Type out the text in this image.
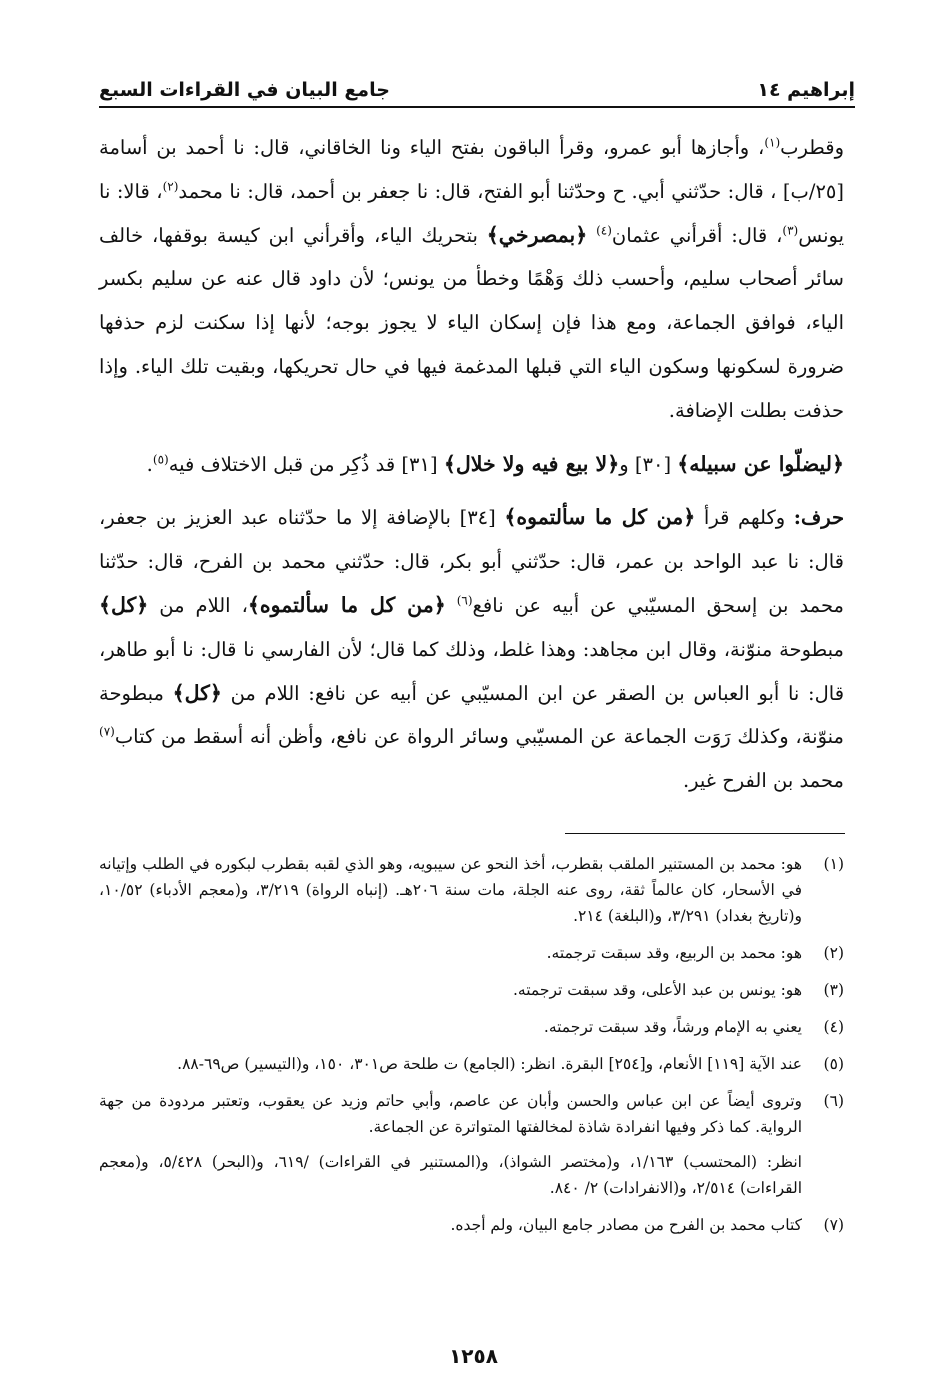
إبراهيم ١٤
جامع البيان في القراءات السبع

وقطرب$^{(١)}$، وأجازها أبو عمرو، وقرأ الباقون بفتح الياء ونا الخاقاني، قال: نا أحمد بن أسامة [٢٥/ب] ، قال: حدّثني أبي. ح وحدّثنا أبو الفتح، قال: نا جعفر بن أحمد، قال: نا محمد$^{(٢)}$، قالا: نا يونس$^{(٣)}$، قال: أقرأني عثمان$^{(٤)}$ ﴿بمصرخي﴾ بتحريك الياء، وأقرأني ابن كيسة بوقفها، خالف سائر أصحاب سليم، وأحسب ذلك وَهْمًا وخطأ من يونس؛ لأن داود قال عنه عن سليم بكسر الياء، فوافق الجماعة، ومع هذا فإن إسكان الياء لا يجوز بوجه؛ لأنها إذا سكنت لزم حذفها ضرورة لسكونها وسكون الياء التي قبلها المدغمة فيها في حال تحريكها، وبقيت تلك الياء. وإذا حذفت بطلت الإضافة.

﴿ليضلّوا عن سبيله﴾ [٣٠] و﴿لا بيع فيه ولا خلال﴾ [٣١] قد ذُكِر من قبل الاختلاف فيه$^{(٥)}$.

حرف: وكلهم قرأ ﴿من كل ما سألتموه﴾ [٣٤] بالإضافة إلا ما حدّثناه عبد العزيز بن جعفر، قال: نا عبد الواحد بن عمر، قال: حدّثني أبو بكر، قال: حدّثني محمد بن الفرح، قال: حدّثنا محمد بن إسحق المسيّبي عن أبيه عن نافع$^{(٦)}$ ﴿من كل ما سألتموه﴾، اللام من ﴿كل﴾ مبطوحة منوّنة، وقال ابن مجاهد: وهذا غلط، وذلك كما قال؛ لأن الفارسي نا قال: نا أبو طاهر، قال: نا أبو العباس بن الصقر عن ابن المسيّبي عن أبيه عن نافع: اللام من ﴿كل﴾ مبطوحة منوّنة، وكذلك رَوَت الجماعة عن المسيّبي وسائر الرواة عن نافع، وأظن أنه أسقط من كتاب$^{(٧)}$ محمد بن الفرح غير.

(١)
هو: محمد بن المستنير الملقب بقطرب، أخذ النحو عن سيبويه، وهو الذي لقبه بقطرب لبكوره في الطلب وإتيانه في الأسحار، كان عالماً ثقة، روى عنه الجلة، مات سنة ٢٠٦هـ. (إنباه الرواة) ٣/٢١٩، و(معجم الأدباء) ١٠/٥٢، و(تاريخ بغداد) ٣/٢٩١، و(البلغة) ٢١٤.
(٢)
هو: محمد بن الربيع، وقد سبقت ترجمته.
(٣)
هو: يونس بن عبد الأعلى، وقد سبقت ترجمته.
(٤)
يعني به الإمام ورشاً، وقد سبقت ترجمته.
(٥)
عند الآية [١١٩] الأنعام، و[٢٥٤] البقرة. انظر: (الجامع) ت طلحة ص٣٠١، ١٥٠، و(التيسير) ص٦٩-٨٨.
(٦)
وتروى أيضاً عن ابن عباس والحسن وأبان عن عاصم، وأبي حاتم وزيد عن يعقوب، وتعتبر مردودة من جهة الرواية. كما ذكر وفيها انفرادة شاذة لمخالفتها المتواترة عن الجماعة.
انظر: (المحتسب) ١/١٦٣، و(مختصر الشواذ)، و(المستنير في القراءات) /٦١٩، و(البحر) ٥/٤٢٨، و(معجم القراءات) ٢/٥١٤، و(الانفرادات) ٢/ ٨٤٠.
(٧)
كتاب محمد بن الفرح من مصادر جامع البيان، ولم أجده.
١٢٥٨
